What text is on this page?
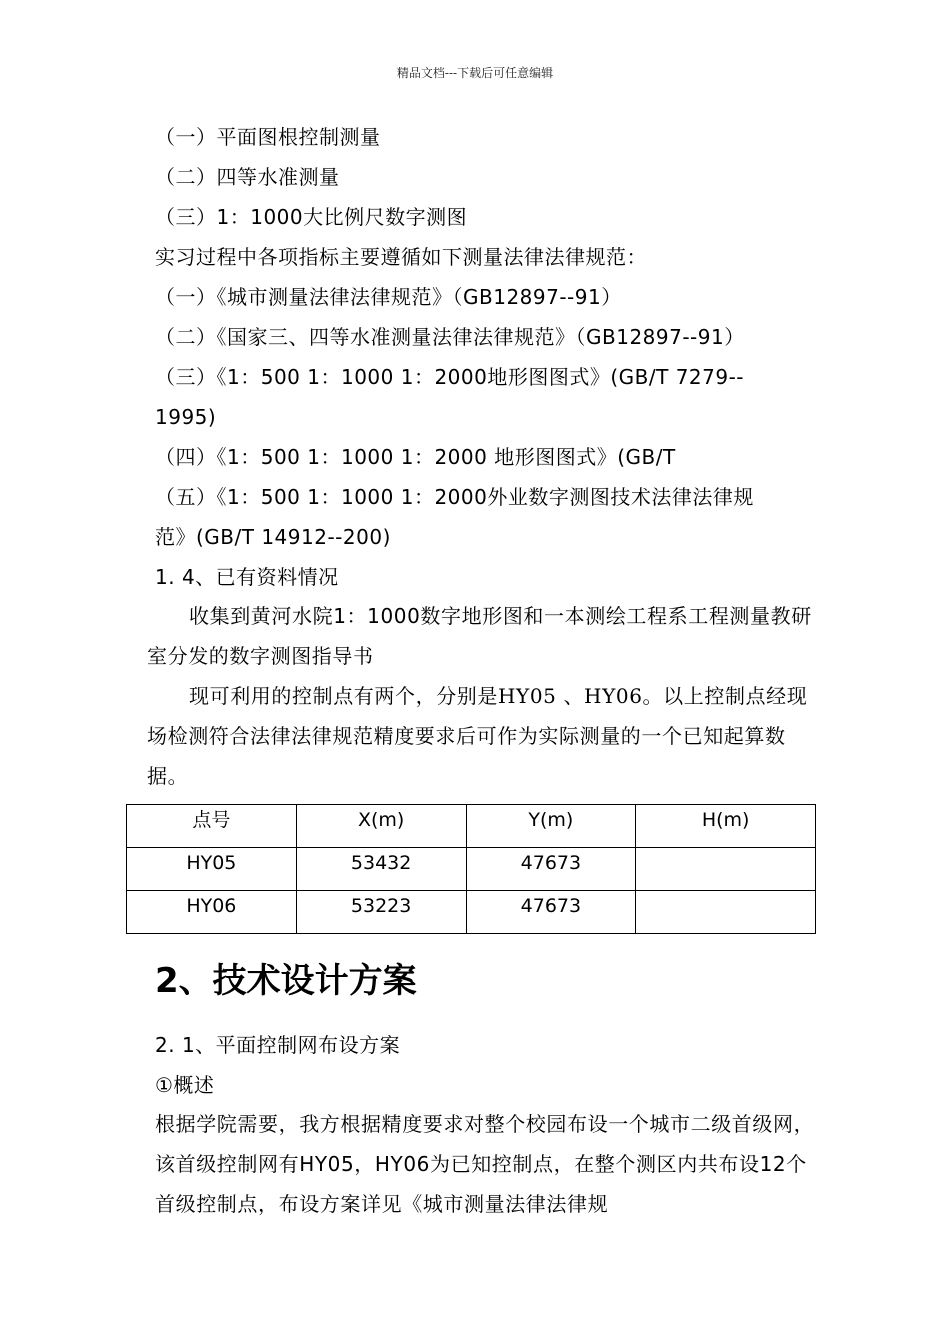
精品文档---下载后可任意编辑
（一）平面图根控制测量
（二）四等水准测量
（三）1：1000大比例尺数字测图
实习过程中各项指标主要遵循如下测量法律法律规范：
（一）《城市测量法律法律规范》（GB12897--91）
（二）《国家三、四等水准测量法律法律规范》（GB12897--91）
（三）《1：500 1：1000 1：2000地形图图式》(GB/T 7279--
1995)
（四）《1：500 1：1000 1：2000 地形图图式》(GB/T
（五）《1：500 1：1000 1：2000外业数字测图技术法律法律规
范》(GB/T 14912--200)
1. 4、已有资料情况

收集到黄河水院1：1000数字地形图和一本测绘工程系工程测量教研室分发的数字测图指导书

现可利用的控制点有两个，分别是HY05 、HY06。以上控制点经现场检测符合法律法律规范精度要求后可作为实际测量的一个已知起算数据。

点号	X(m)	Y(m)	H(m)
HY05	53432	47673	
HY06	53223	47673	
2、技术设计方案
2. 1、平面控制网布设方案
①概述

根据学院需要，我方根据精度要求对整个校园布设一个城市二级首级网，该首级控制网有HY05，HY06为已知控制点，在整个测区内共布设12个首级控制点，布设方案详见《城市测量法律法律规
